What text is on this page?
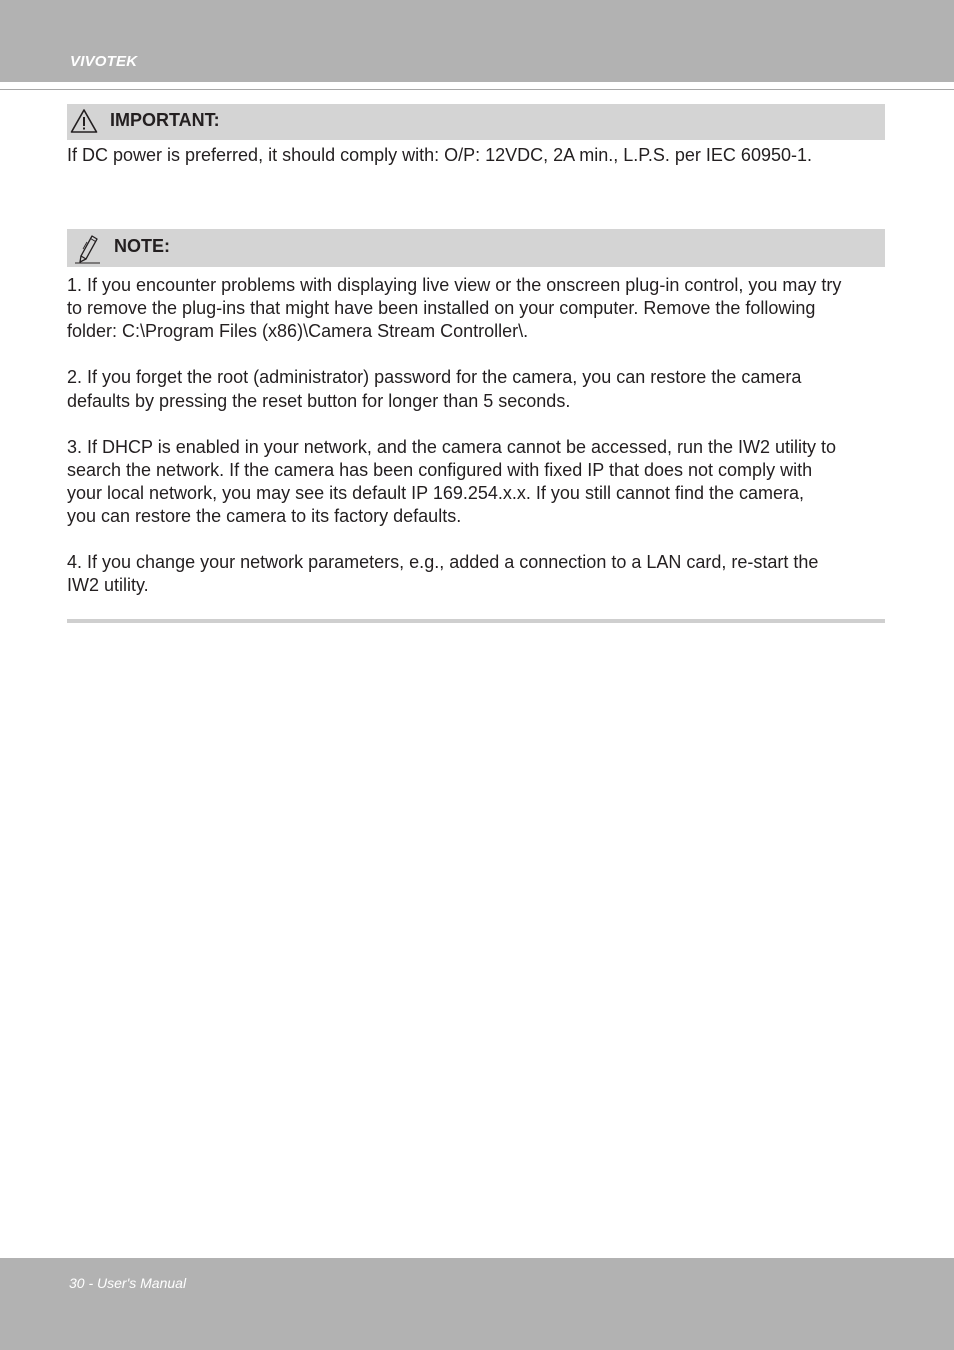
VIVOTEK
IMPORTANT:
If DC power is preferred, it should comply with: O/P: 12VDC, 2A min., L.P.S. per IEC 60950-1.
NOTE:
1. If you encounter problems with displaying live view or the onscreen plug-in control, you may try
to remove the plug-ins that might have been installed on your computer. Remove the following
folder: C:\Program Files (x86)\Camera Stream Controller\.
2. If you forget the root (administrator) password for the camera, you can restore the camera
defaults by pressing the reset button for longer than 5 seconds.
3. If DHCP is enabled in your network, and the camera cannot be accessed, run the IW2 utility to
search the network. If the camera has been configured with fixed IP that does not comply with
your local network, you may see its default IP 169.254.x.x. If you still cannot find the camera,
you can restore the camera to its factory defaults.
4. If you change your network parameters, e.g., added a connection to a LAN card, re-start the
IW2 utility.
30 - User's Manual
